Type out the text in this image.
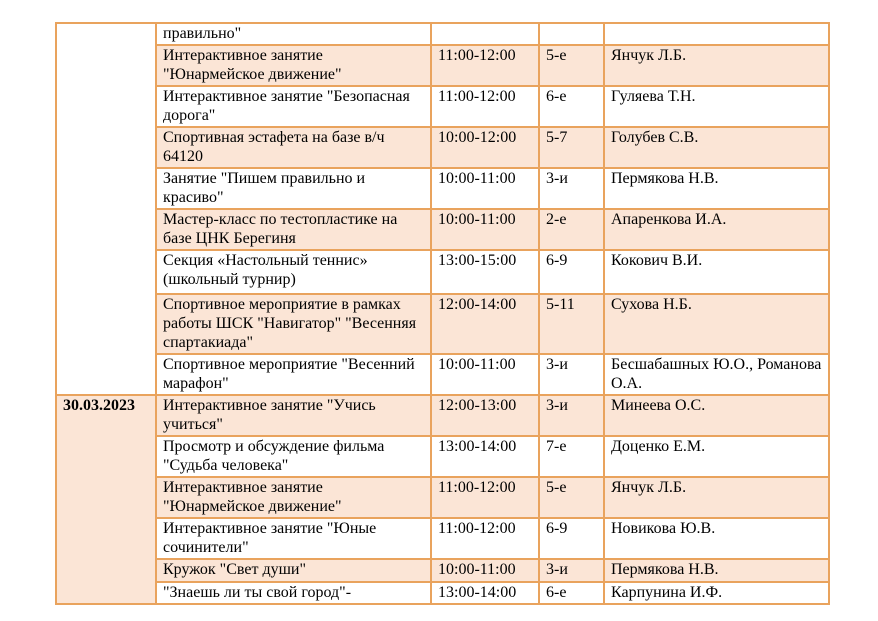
	правильно"			
	Интерактивное занятие "Юнармейское движение"	11:00-12:00	5-е	Янчук Л.Б.
	Интерактивное занятие "Безопасная дорога"	11:00-12:00	6-е	Гуляева Т.Н.
	Спортивная эстафета на базе в/ч 64120	10:00-12:00	5-7	Голубев С.В.
	Занятие "Пишем правильно и красиво"	10:00-11:00	3-и	Пермякова Н.В.
	Мастер-класс по тестопластике на базе ЦНК Берегиня	10:00-11:00	2-е	Апаренкова И.А.
	Секция «Настольный теннис» (школьный турнир)	13:00-15:00	6-9	Кокович В.И.
	Спортивное мероприятие в рамках работы ШСК "Навигатор" "Весенняя спартакиада"	12:00-14:00	5-11	Сухова Н.Б.
	Спортивное мероприятие "Весенний марафон"	10:00-11:00	3-и	Бесшабашных Ю.О., Романова О.А.
30.03.2023	Интерактивное занятие "Учись учиться"	12:00-13:00	3-и	Минеева О.С.
	Просмотр и обсуждение фильма "Судьба человека"	13:00-14:00	7-е	Доценко Е.М.
	Интерактивное занятие "Юнармейское движение"	11:00-12:00	5-е	Янчук Л.Б.
	Интерактивное занятие "Юные сочинители"	11:00-12:00	6-9	Новикова Ю.В.
	Кружок "Свет души"	10:00-11:00	3-и	Пермякова Н.В.
	"Знаешь ли ты свой город"-	13:00-14:00	6-е	Карпунина И.Ф.
